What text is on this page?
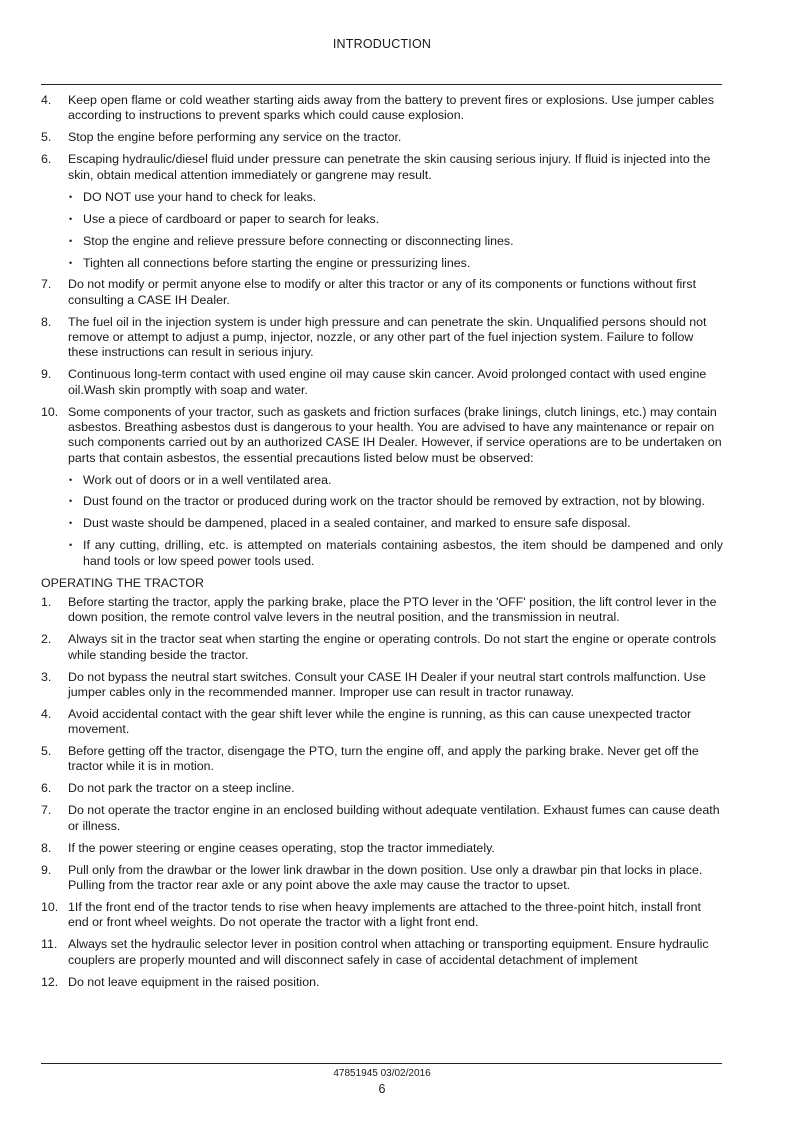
INTRODUCTION
4.	Keep open flame or cold weather starting aids away from the battery to prevent fires or explosions. Use jumper cables according to instructions to prevent sparks which could cause explosion.
5.	Stop the engine before performing any service on the tractor.
6.	Escaping hydraulic/diesel fluid under pressure can penetrate the skin causing serious injury. If fluid is injected into the skin, obtain medical attention immediately or gangrene may result.
• DO NOT use your hand to check for leaks.
• Use a piece of cardboard or paper to search for leaks.
• Stop the engine and relieve pressure before connecting or disconnecting lines.
• Tighten all connections before starting the engine or pressurizing lines.
7.	Do not modify or permit anyone else to modify or alter this tractor or any of its components or functions without first consulting a CASE IH Dealer.
8.	The fuel oil in the injection system is under high pressure and can penetrate the skin. Unqualified persons should not remove or attempt to adjust a pump, injector, nozzle, or any other part of the fuel injection system. Failure to follow these instructions can result in serious injury.
9.	Continuous long-term contact with used engine oil may cause skin cancer. Avoid prolonged contact with used engine oil.Wash skin promptly with soap and water.
10. Some components of your tractor, such as gaskets and friction surfaces (brake linings, clutch linings, etc.) may contain asbestos. Breathing asbestos dust is dangerous to your health. You are advised to have any maintenance or repair on such components carried out by an authorized CASE IH Dealer. However, if service operations are to be undertaken on parts that contain asbestos, the essential precautions listed below must be observed:
• Work out of doors or in a well ventilated area.
• Dust found on the tractor or produced during work on the tractor should be removed by extraction, not by blowing.
• Dust waste should be dampened, placed in a sealed container, and marked to ensure safe disposal.
• If any cutting, drilling, etc. is attempted on materials containing asbestos, the item should be dampened and only hand tools or low speed power tools used.
OPERATING THE TRACTOR
1.	Before starting the tractor, apply the parking brake, place the PTO lever in the 'OFF' position, the lift control lever in the down position, the remote control valve levers in the neutral position, and the transmission in neutral.
2.	Always sit in the tractor seat when starting the engine or operating controls. Do not start the engine or operate controls while standing beside the tractor.
3.	Do not bypass the neutral start switches. Consult your CASE IH Dealer if your neutral start controls malfunction. Use jumper cables only in the recommended manner. Improper use can result in tractor runaway.
4.	Avoid accidental contact with the gear shift lever while the engine is running, as this can cause unexpected tractor movement.
5.	Before getting off the tractor, disengage the PTO, turn the engine off, and apply the parking brake. Never get off the tractor while it is in motion.
6.	Do not park the tractor on a steep incline.
7.	Do not operate the tractor engine in an enclosed building without adequate ventilation. Exhaust fumes can cause death or illness.
8.	If the power steering or engine ceases operating, stop the tractor immediately.
9.	Pull only from the drawbar or the lower link drawbar in the down position. Use only a drawbar pin that locks in place. Pulling from the tractor rear axle or any point above the axle may cause the tractor to upset.
10. 1If the front end of the tractor tends to rise when heavy implements are attached to the three-point hitch, install front end or front wheel weights. Do not operate the tractor with a light front end.
11. Always set the hydraulic selector lever in position control when attaching or transporting equipment. Ensure hydraulic couplers are properly mounted and will disconnect safely in case of accidental detachment of implement
12. Do not leave equipment in the raised position.
47851945 03/02/2016
6
